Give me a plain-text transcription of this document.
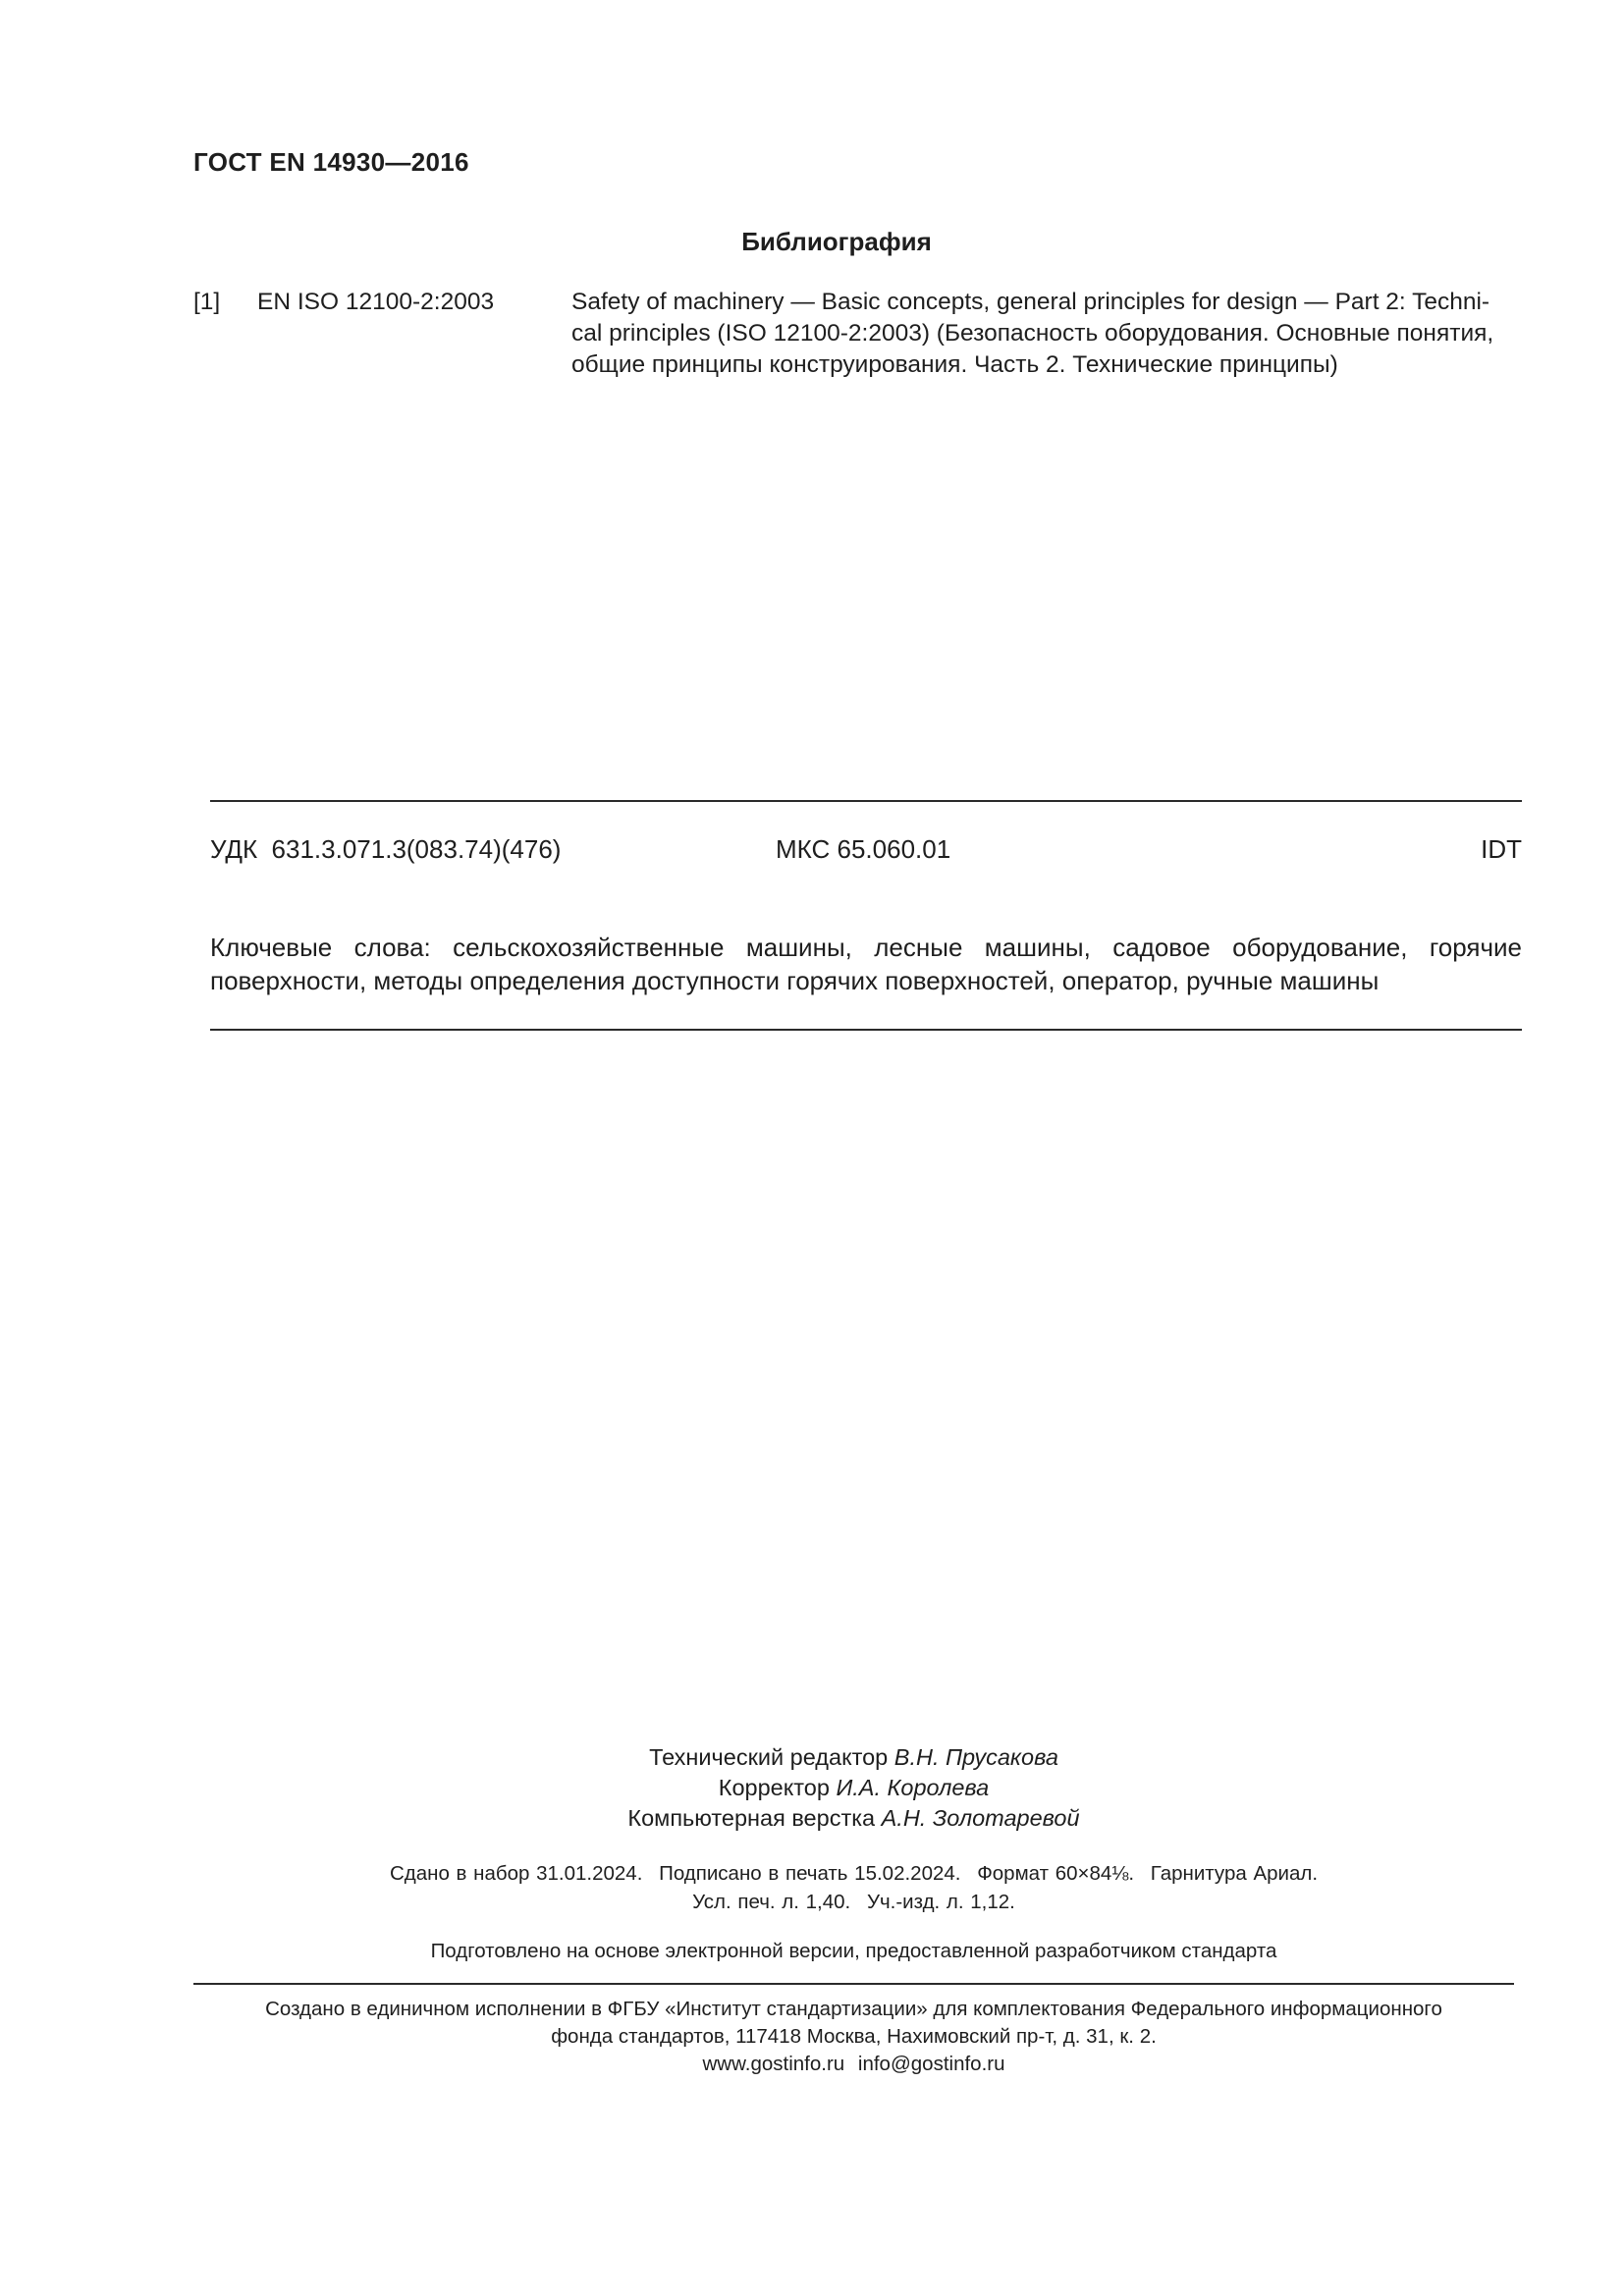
ГОСТ EN 14930—2016
Библиография
[1] EN ISO 12100-2:2003	Safety of machinery — Basic concepts, general principles for design — Part 2: Techni-
cal principles (ISO 12100-2:2003) (Безопасность оборудования. Основные понятия,
общие принципы конструирования. Часть 2. Технические принципы)
УДК  631.3.071.3(083.74)(476)	МКС 65.060.01	IDT
Ключевые слова: сельскохозяйственные машины, лесные машины, садовое оборудование, горячие
поверхности, методы определения доступности горячих поверхностей, оператор, ручные машины
Технический редактор В.Н. Прусакова
Корректор И.А. Королева
Компьютерная верстка А.Н. Золотаревой
Сдано в набор 31.01.2024. Подписано в печать 15.02.2024. Формат 60×84⅛. Гарнитура Ариал.
Усл. печ. л. 1,40. Уч.-изд. л. 1,12.
Подготовлено на основе электронной версии, предоставленной разработчиком стандарта
Создано в единичном исполнении в ФГБУ «Институт стандартизации» для комплектования Федерального информационного
фонда стандартов, 117418 Москва, Нахимовский пр-т, д. 31, к. 2.
www.gostinfo.ru info@gostinfo.ru
